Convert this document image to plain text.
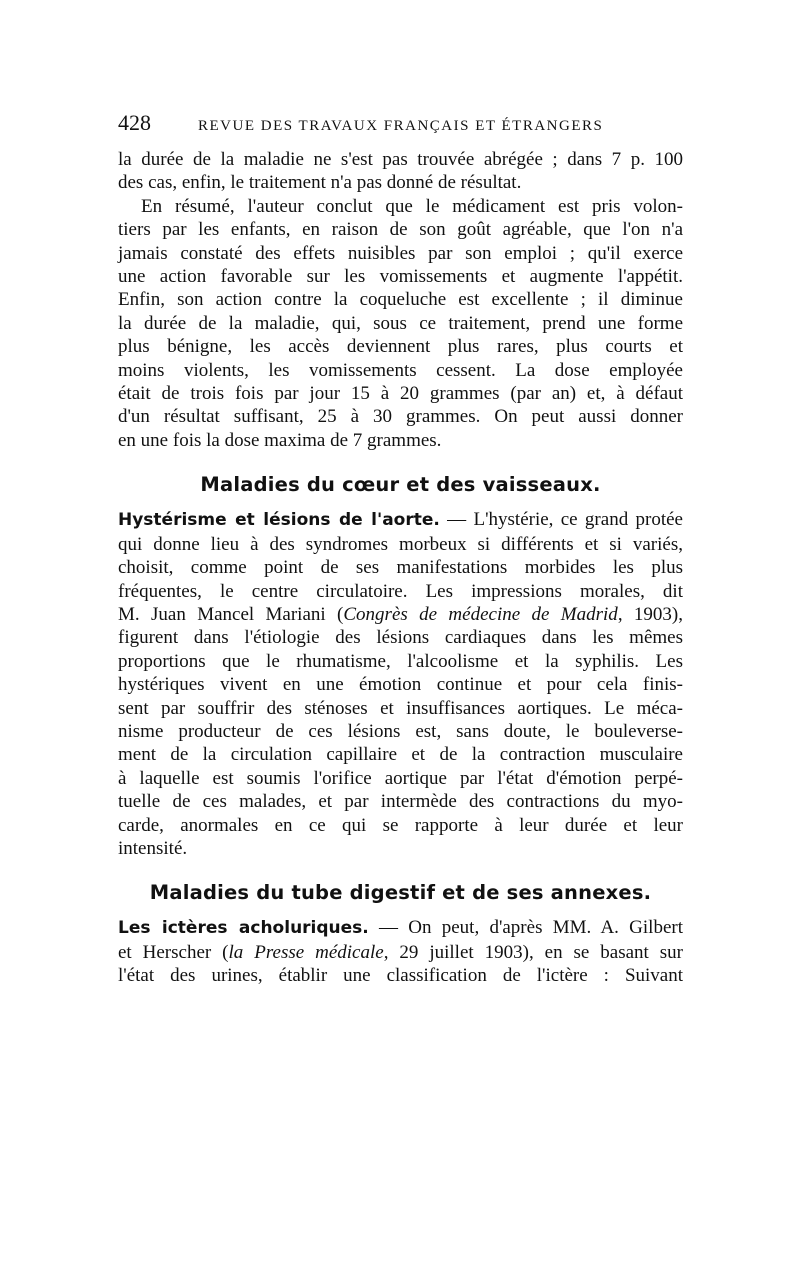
428	REVUE DES TRAVAUX FRANÇAIS ET ÉTRANGERS

la durée de la maladie ne s'est pas trouvée abrégée ; dans 7 p. 100
des cas, enfin, le traitement n'a pas donné de résultat.

En résumé, l'auteur conclut que le médicament est pris volon-
tiers par les enfants, en raison de son goût agréable, que l'on n'a
jamais constaté des effets nuisibles par son emploi ; qu'il exerce
une action favorable sur les vomissements et augmente l'appétit.
Enfin, son action contre la coqueluche est excellente ; il diminue
la durée de la maladie, qui, sous ce traitement, prend une forme
plus bénigne, les accès deviennent plus rares, plus courts et
moins violents, les vomissements cessent. La dose employée
était de trois fois par jour 15 à 20 grammes (par an) et, à défaut
d'un résultat suffisant, 25 à 30 grammes. On peut aussi donner
en une fois la dose maxima de 7 grammes.

Maladies du cœur et des vaisseaux.

Hystérisme et lésions de l'aorte. — L'hystérie, ce grand protée
qui donne lieu à des syndromes morbeux si différents et si variés,
choisit, comme point de ses manifestations morbides les plus
fréquentes, le centre circulatoire. Les impressions morales, dit
M. Juan Mancel Mariani (Congrès de médecine de Madrid, 1903),
figurent dans l'étiologie des lésions cardiaques dans les mêmes
proportions que le rhumatisme, l'alcoolisme et la syphilis. Les
hystériques vivent en une émotion continue et pour cela finis-
sent par souffrir des sténoses et insuffisances aortiques. Le méca-
nisme producteur de ces lésions est, sans doute, le bouleverse-
ment de la circulation capillaire et de la contraction musculaire
à laquelle est soumis l'orifice aortique par l'état d'émotion perpé-
tuelle de ces malades, et par intermède des contractions du myo-
carde, anormales en ce qui se rapporte à leur durée et leur
intensité.

Maladies du tube digestif et de ses annexes.

Les ictères acholuriques. — On peut, d'après MM. A. Gilbert
et Herscher (la Presse médicale, 29 juillet 1903), en se basant sur
l'état des urines, établir une classification de l'ictère : Suivant
